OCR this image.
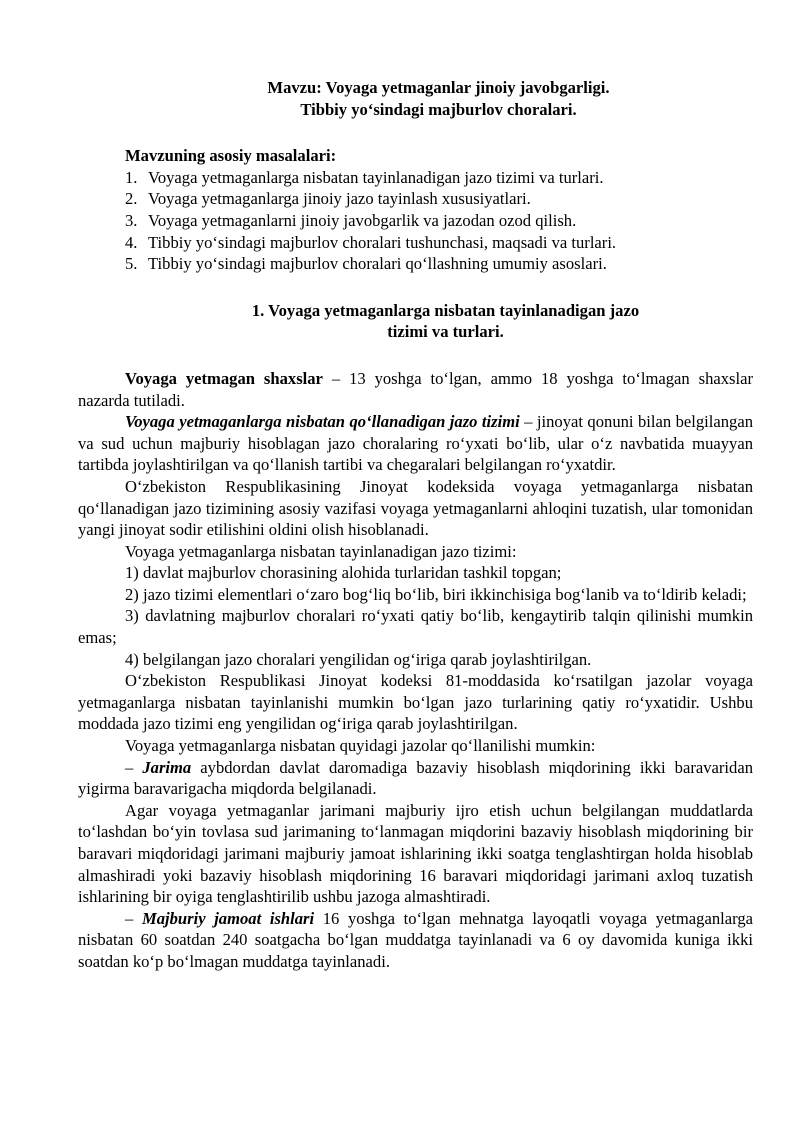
Mavzu: Voyaga yetmaganlar jinoiy javobgarligi.
Tibbiy yo‘sindagi majburlov choralari.
Mavzuning asosiy masalalari:
1. Voyaga yetmaganlarga nisbatan tayinlanadigan jazo tizimi va turlari.
2. Voyaga yetmaganlarga jinoiy jazo tayinlash xususiyatlari.
3. Voyaga yetmaganlarni jinoiy javobgarlik va jazodan ozod qilish.
4. Tibbiy yo‘sindagi majburlov choralari tushunchasi, maqsadi va turlari.
5. Tibbiy yo‘sindagi majburlov choralari qo‘llashning umumiy asoslari.
1. Voyaga yetmaganlarga nisbatan tayinlanadigan jazo
tizimi va turlari.

Voyaga yetmagan shaxslar – 13 yoshga to‘lgan, ammo 18 yoshga to‘lmagan shaxslar nazarda tutiladi.

Voyaga yetmaganlarga nisbatan qo‘llanadigan jazo tizimi – jinoyat qonuni bilan belgilangan va sud uchun majburiy hisoblagan jazo choralaring ro‘yxati bo‘lib, ular o‘z navbatida muayyan tartibda joylashtirilgan va qo‘llanish tartibi va chegaralari belgilangan ro‘yxatdir.

O‘zbekiston Respublikasining Jinoyat kodeksida voyaga yetmaganlarga nisbatan qo‘llanadigan jazo tizimining asosiy vazifasi voyaga yetmaganlarni ahloqini tuzatish, ular tomonidan yangi jinoyat sodir etilishini oldini olish hisoblanadi.

Voyaga yetmaganlarga nisbatan tayinlanadigan jazo tizimi:

1) davlat majburlov chorasining alohida turlaridan tashkil topgan;

2) jazo tizimi elementlari o‘zaro bog‘liq bo‘lib, biri ikkinchisiga bog‘lanib va to‘ldirib keladi;

3) davlatning majburlov choralari ro‘yxati qatiy bo‘lib, kengaytirib talqin qilinishi mumkin emas;

4) belgilangan jazo choralari yengilidan og‘iriga qarab joylashtirilgan.

O‘zbekiston Respublikasi Jinoyat kodeksi 81-moddasida ko‘rsatilgan jazolar voyaga yetmaganlarga nisbatan tayinlanishi mumkin bo‘lgan jazo turlarining qatiy ro‘yxatidir. Ushbu moddada jazo tizimi eng yengilidan og‘iriga qarab joylashtirilgan.

Voyaga yetmaganlarga nisbatan quyidagi jazolar qo‘llanilishi mumkin:

– Jarima aybdordan davlat daromadiga bazaviy hisoblash miqdorining ikki baravaridan yigirma baravarigacha miqdorda belgilanadi.

Agar voyaga yetmaganlar jarimani majburiy ijro etish uchun belgilangan muddatlarda to‘lashdan bo‘yin tovlasa sud jarimaning to‘lanmagan miqdorini bazaviy hisoblash miqdorining bir baravari miqdoridagi jarimani majburiy jamoat ishlarining ikki soatga tenglashtirgan holda hisoblab almashiradi yoki bazaviy hisoblash miqdorining 16 baravari miqdoridagi jarimani axloq tuzatish ishlarining bir oyiga tenglashtirilib ushbu jazoga almashtiradi.

– Majburiy jamoat ishlari 16 yoshga to‘lgan mehnatga layoqatli voyaga yetmaganlarga nisbatan 60 soatdan 240 soatgacha bo‘lgan muddatga tayinlanadi va 6 oy davomida kuniga ikki soatdan ko‘p bo‘lmagan muddatga tayinlanadi.
